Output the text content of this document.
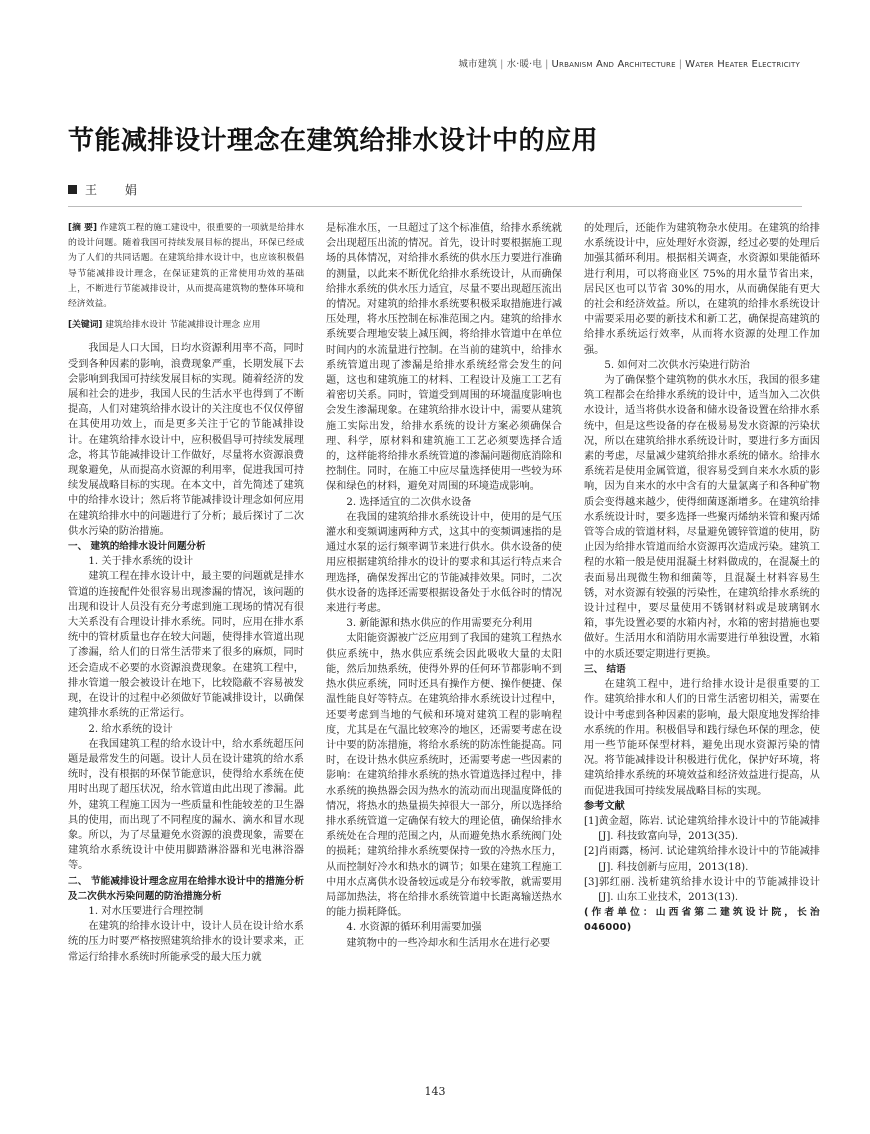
城市建筑 | 水·暖·电 | Urbanism And Architecture | Water Heater Electricity
节能减排设计理念在建筑给排水设计中的应用
王 娟

[摘 要] 作建筑工程的施工建设中，很重要的一项就是给排水的设计问题。随着我国可持续发展目标的提出，环保已经成为了人们的共同话题。在建筑给排水设计中，也应该积极倡导节能减排设计理念，在保证建筑的正常使用功效的基础上，不断进行节能减排设计，从而提高建筑物的整体环境和经济效益。

[关键词] 建筑给排水设计 节能减排设计理念 应用

我国是人口大国，日均水资源利用率不高，同时受到各种因素的影响，浪费现象严重，长期发展下去会影响到我国可持续发展目标的实现。随着经济的发展和社会的进步，我国人民的生活水平也得到了不断提高，人们对建筑给排水设计的关注度也不仅仅停留在其使用功效上，而是更多关注于它的节能减排设计。在建筑给排水设计中，应积极倡导可持续发展理念，将其节能减排设计工作做好，尽量将水资源浪费现象避免，从而提高水资源的利用率，促进我国可持续发展战略目标的实现。在本文中，首先简述了建筑中的给排水设计；然后将节能减排设计理念如何应用在建筑给排水中的问题进行了分析；最后探讨了二次供水污染的防治措施。

一、 建筑的给排水设计问题分析

1. 关于排水系统的设计

建筑工程在排水设计中，最主要的问题就是排水管道的连接配件处很容易出现渗漏的情况，该问题的出现和设计人员没有充分考虑到施工现场的情况有很大关系没有合理设计排水系统。同时，应用在排水系统中的管材质量也存在较大问题，使得排水管道出现了渗漏，给人们的日常生活带来了很多的麻烦，同时还会造成不必要的水资源浪费现象。在建筑工程中，排水管道一般会被设计在地下，比较隐蔽不容易被发现，在设计的过程中必须做好节能减排设计，以确保建筑排水系统的正常运行。

2. 给水系统的设计

在我国建筑工程的给水设计中，给水系统超压问题是最常发生的问题。设计人员在设计建筑的给水系统时，没有根据的环保节能意识，使得给水系统在使用时出现了超压状况，给水管道由此出现了渗漏。此外，建筑工程施工因为一些质量和性能较差的卫生器具的使用，而出现了不同程度的漏水、滴水和冒水现象。所以，为了尽量避免水资源的浪费现象，需要在建筑给水系统设计中使用脚踏淋浴器和光电淋浴器等。

二、 节能减排设计理念应用在给排水设计中的措施分析及二次供水污染问题的防治措施分析

1. 对水压要进行合理控制

在建筑的给排水设计中，设计人员在设计给水系统的压力时要严格按照建筑给排水的设计要求来，正常运行给排水系统时所能承受的最大压力就

是标准水压，一旦超过了这个标准值，给排水系统就会出现超压出流的情况。首先，设计时要根据施工现场的具体情况，对给排水系统的供水压力要进行准确的测量，以此来不断优化给排水系统设计，从而确保给排水系统的供水压力适宜，尽量不要出现超压流出的情况。对建筑的给排水系统要积极采取措施进行减压处理，将水压控制在标准范围之内。建筑的给排水系统要合理地安装上减压阀，将给排水管道中在单位时间内的水流量进行控制。在当前的建筑中，给排水系统管道出现了渗漏是给排水系统经常会发生的问题，这也和建筑施工的材料、工程设计及施工工艺有着密切关系。同时，管道受到周围的环境温度影响也会发生渗漏现象。在建筑给排水设计中，需要从建筑施工实际出发，给排水系统的设计方案必须确保合理、科学，原材料和建筑施工工艺必须要选择合适的，这样能将给排水系统管道的渗漏问题彻底消除和控制住。同时，在施工中应尽量选择使用一些较为环保和绿色的材料，避免对周围的环境造成影响。

2. 选择适宜的二次供水设备

在我国的建筑给排水系统设计中，使用的是气压灌水和变频调速两种方式，这其中的变频调速指的是通过水泵的运行频率调节来进行供水。供水设备的使用应根据建筑给排水的设计的要求和其运行特点来合理选择，确保发挥出它的节能减排效果。同时，二次供水设备的选择还需要根据设备处于水低谷时的情况来进行考虑。

3. 新能源和热水供应的作用需要充分利用

太阳能资源被广泛应用到了我国的建筑工程热水供应系统中，热水供应系统会因此吸收大量的太阳能，然后加热系统，使得外界的任何环节都影响不到热水供应系统，同时还具有操作方便、操作便捷、保温性能良好等特点。在建筑给排水系统设计过程中，还要考虑到当地的气候和环境对建筑工程的影响程度，尤其是在气温比较寒冷的地区，还需要考虑在设计中要的防冻措施，将给水系统的防冻性能提高。同时，在设计热水供应系统时，还需要考虑一些因素的影响：在建筑给排水系统的热水管道选择过程中，排水系统的换热器会因为热水的流动而出现温度降低的情况，将热水的热量损失掉很大一部分，所以选择给排水系统管道一定确保有较大的理论值，确保给排水系统处在合理的范围之内，从而避免热水系统阀门处的损耗；建筑给排水系统要保持一致的冷热水压力，从而控制好冷水和热水的调节；如果在建筑工程施工中用水点离供水设备较远或是分布较零散，就需要用局部加热法，将在给排水系统管道中长距离输送热水的能力损耗降低。

4. 水资源的循环利用需要加强

建筑物中的一些冷却水和生活用水在进行必要

的处理后，还能作为建筑物杂水使用。在建筑的给排水系统设计中，应处理好水资源，经过必要的处理后加强其循环利用。根据相关调查，水资源如果能循环进行利用，可以将商业区 75%的用水量节省出来，居民区也可以节省 30%的用水，从而确保能有更大的社会和经济效益。所以，在建筑的给排水系统设计中需要采用必要的新技术和新工艺，确保提高建筑的给排水系统运行效率，从而将水资源的处理工作加强。

5. 如何对二次供水污染进行防治

为了确保整个建筑物的供水水压，我国的很多建筑工程都会在给排水系统的设计中，适当加入二次供水设计，适当将供水设备和储水设备设置在给排水系统中，但是这些设备的存在极易易发水资源的污染状况，所以在建筑给排水系统设计时，要进行多方面因素的考虑，尽量减少建筑给排水系统的储水。给排水系统若是使用金属管道，很容易受到自来水水质的影响，因为自来水的水中含有的大量氯离子和各种矿物质会变得越来越少，使得细菌逐渐增多。在建筑给排水系统设计时，要多选择一些聚丙烯纳米管和聚丙烯管等合成的管道材料，尽量避免镀锌管道的使用，防止因为给排水管道而给水资源再次造成污染。建筑工程的水箱一般是使用混凝土材料做成的，在混凝土的表面易出现微生物和细菌等，且混凝土材料容易生锈，对水资源有较强的污染性，在建筑给排水系统的设计过程中，要尽量使用不锈钢材料或是玻璃钢水箱，事先设置必要的水箱内衬，水箱的密封措施也要做好。生活用水和消防用水需要进行单独设置，水箱中的水质还要定期进行更换。

三、 结语

在建筑工程中，进行给排水设计是很重要的工作。建筑给排水和人们的日常生活密切相关，需要在设计中考虑到各种因素的影响，最大限度地发挥给排水系统的作用。积极倡导和践行绿色环保的理念，使用一些节能环保型材料，避免出现水资源污染的情况。将节能减排设计积极进行优化，保护好环境，将建筑给排水系统的环境效益和经济效益进行提高，从而促进我国可持续发展战略目标的实现。

参考文献

[1]黄金超，陈岩. 试论建筑给排水设计中的节能减排[J]. 科技致富向导，2013(35).

[2]肖雨露，杨河. 试论建筑给排水设计中的节能减排[J]. 科技创新与应用，2013(18).

[3]郭红丽. 浅析建筑给排水设计中的节能减排设计[J]. 山东工业技术，2013(13).

(作者单位：山西省第二建筑设计院，长治 046000)

143
